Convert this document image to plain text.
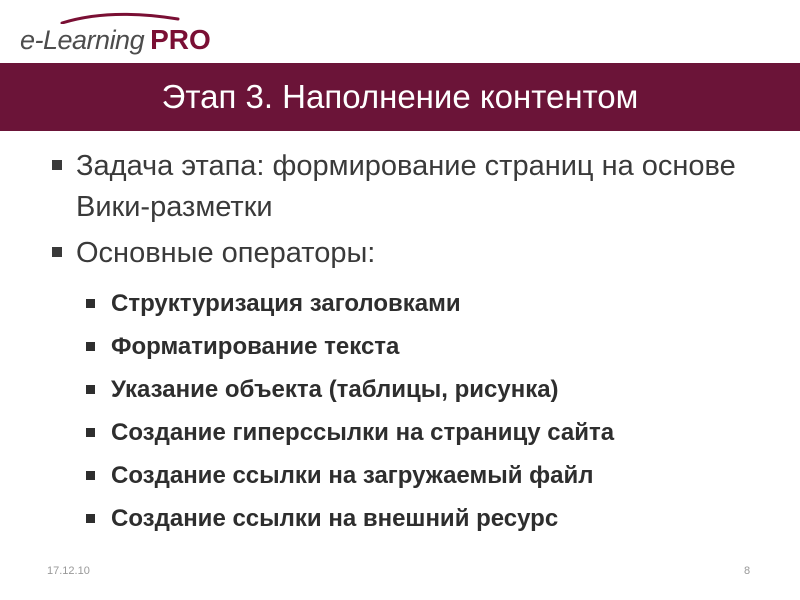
e-Learning PRO
Этап 3. Наполнение контентом
Задача этапа: формирование страниц на основе Вики-разметки
Основные операторы:
Структуризация заголовками
Форматирование текста
Указание объекта (таблицы, рисунка)
Создание гиперссылки на страницу сайта
Создание ссылки на загружаемый файл
Создание ссылки на внешний ресурс
17.12.10	8
